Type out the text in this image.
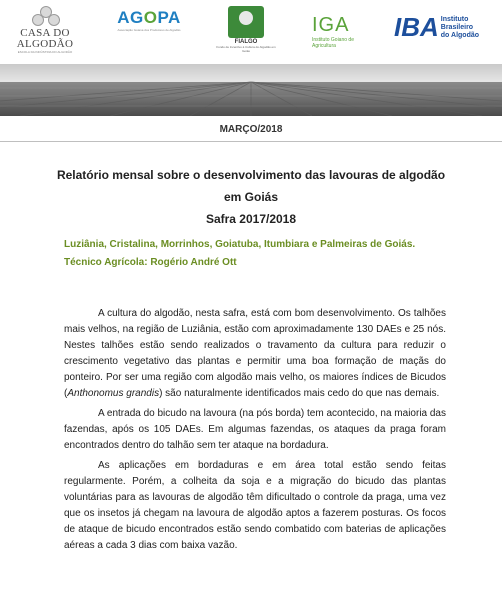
CASA DO
ALGODÃO
ESCOLA DA INDÚSTRIA DO ALGODÃO
AGOPA
Associação Goiana dos Produtores de Algodão
FIALGO
Fundo de Incentivo à Cultura do Algodão em Goiás
IGA
Instituto Goiano de Agricultura
IBA Instituto
Brasileiro
do Algodão
MARÇO/2018
Relatório mensal sobre o desenvolvimento das lavouras de algodão
em Goiás
Safra 2017/2018
Luziânia, Cristalina, Morrinhos, Goiatuba, Itumbiara e Palmeiras de Goiás.
Técnico Agrícola: Rogério André Ott

A cultura do algodão, nesta safra, está com bom desenvolvimento. Os talhões mais velhos, na região de Luziânia, estão com aproximadamente 130 DAEs e 25 nós. Nestes talhões estão sendo realizados o travamento da cultura para reduzir o crescimento vegetativo das plantas e permitir uma boa formação de maçãs do ponteiro. Por ser uma região com algodão mais velho, os maiores índices de Bicudos (Anthonomus grandis) são naturalmente identificados mais cedo do que nas demais.

A entrada do bicudo na lavoura (na pós borda) tem acontecido, na maioria das fazendas, após os 105 DAEs. Em algumas fazendas, os ataques da praga foram encontrados dentro do talhão sem ter ataque na bordadura.

As aplicações em bordaduras e em área total estão sendo feitas regularmente. Porém, a colheita da soja e a migração do bicudo das plantas voluntárias para as lavouras de algodão têm dificultado o controle da praga, uma vez que os insetos já chegam na lavoura de algodão aptos a fazerem posturas. Os focos de ataque de bicudo encontrados estão sendo combatido com baterias de aplicações aéreas a cada 3 dias com baixa vazão.
